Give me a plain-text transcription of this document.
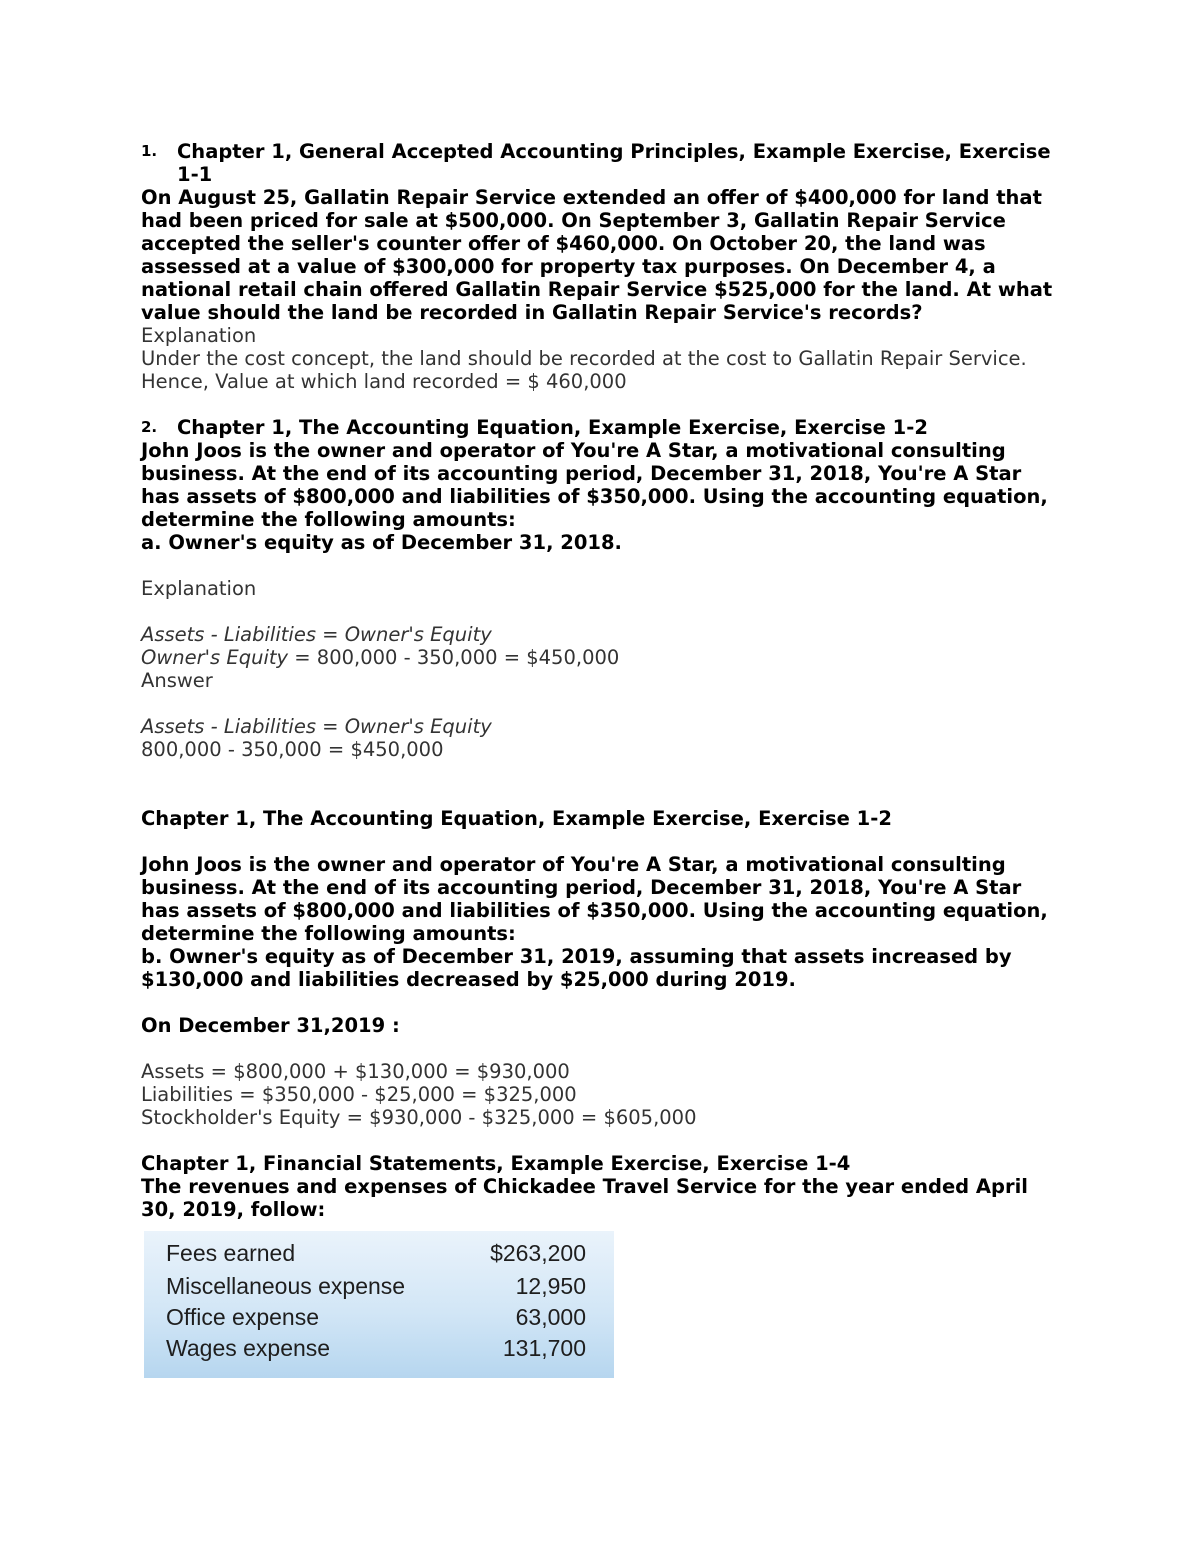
1.	Chapter 1, General Accepted Accounting Principles, Example Exercise, Exercise 1-1

On August 25, Gallatin Repair Service extended an offer of $400,000 for land that

had been priced for sale at $500,000. On September 3, Gallatin Repair Service

accepted the seller's counter offer of $460,000. On October 20, the land was

assessed at a value of $300,000 for property tax purposes. On December 4, a

national retail chain offered Gallatin Repair Service $525,000 for the land. At what

value should the land be recorded in Gallatin Repair Service's records?

Explanation

Under the cost concept, the land should be recorded at the cost to Gallatin Repair Service.

Hence, Value at which land recorded = $ 460,000

2.	Chapter 1, The Accounting Equation, Example Exercise, Exercise 1-2

John Joos is the owner and operator of You're A Star, a motivational consulting

business. At the end of its accounting period, December 31, 2018, You're A Star

has assets of $800,000 and liabilities of $350,000. Using the accounting equation,

determine the following amounts:

a. Owner's equity as of December 31, 2018.

Explanation

Assets - Liabilities = Owner's Equity

Owner's Equity = 800,000 - 350,000 = $450,000

Answer

Assets - Liabilities = Owner's Equity

800,000 - 350,000 = $450,000

Chapter 1, The Accounting Equation, Example Exercise, Exercise 1-2

John Joos is the owner and operator of You're A Star, a motivational consulting

business. At the end of its accounting period, December 31, 2018, You're A Star

has assets of $800,000 and liabilities of $350,000. Using the accounting equation,

determine the following amounts:

b. Owner's equity as of December 31, 2019, assuming that assets increased by

$130,000 and liabilities decreased by $25,000 during 2019.

On December 31,2019 :

Assets = $800,000 + $130,000 = $930,000

Liabilities = $350,000 - $25,000 = $325,000

Stockholder's Equity = $930,000 - $325,000 = $605,000

Chapter 1, Financial Statements, Example Exercise, Exercise 1-4

The revenues and expenses of Chickadee Travel Service for the year ended April

30, 2019, follow:

Fees earned	$263,200
Miscellaneous expense	12,950
Office expense	63,000
Wages expense	131,700
